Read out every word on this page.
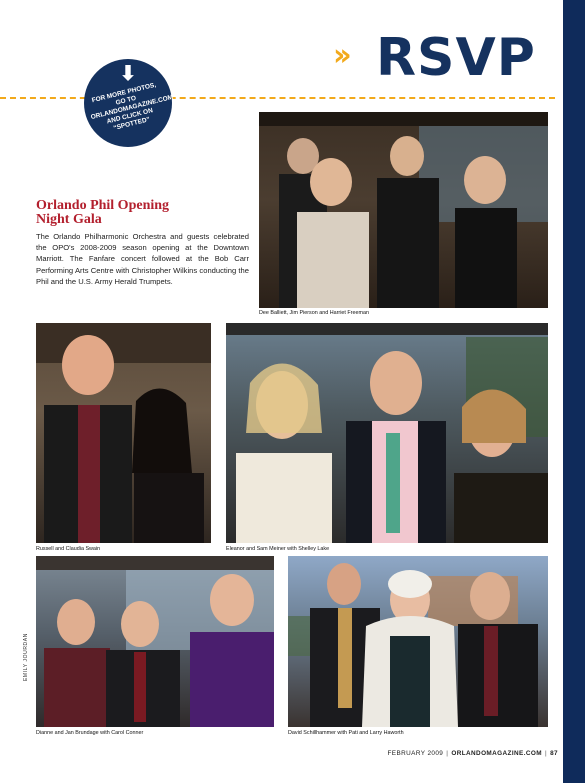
›› RSVP
⬇
FOR MORE PHOTOS, GO TO ORLANDOMAGAZINE.COM AND CLICK ON “SPOTTED”
Orlando Phil Opening
Night Gala
The Orlando Philharmonic Orchestra and guests celebrated the OPO's 2008-2009 season opening at the Downtown Marriott. The Fanfare concert followed at the Bob Carr Performing Arts Centre with Christopher Wilkins conducting the Phil and the U.S. Army Herald Trumpets.
Dee Balliett, Jim Pierson and Harriet Freeman
Russell and Claudia Swain	Eleanor and Sam Meiner with Shelley Lake
Dianne and Jan Brundage with Carol Conner	David Schillhammer with Pati and Larry Haworth
EMILY JOURDAN
FEBRUARY 2009 | ORLANDOMAGAZINE.COM | 87
